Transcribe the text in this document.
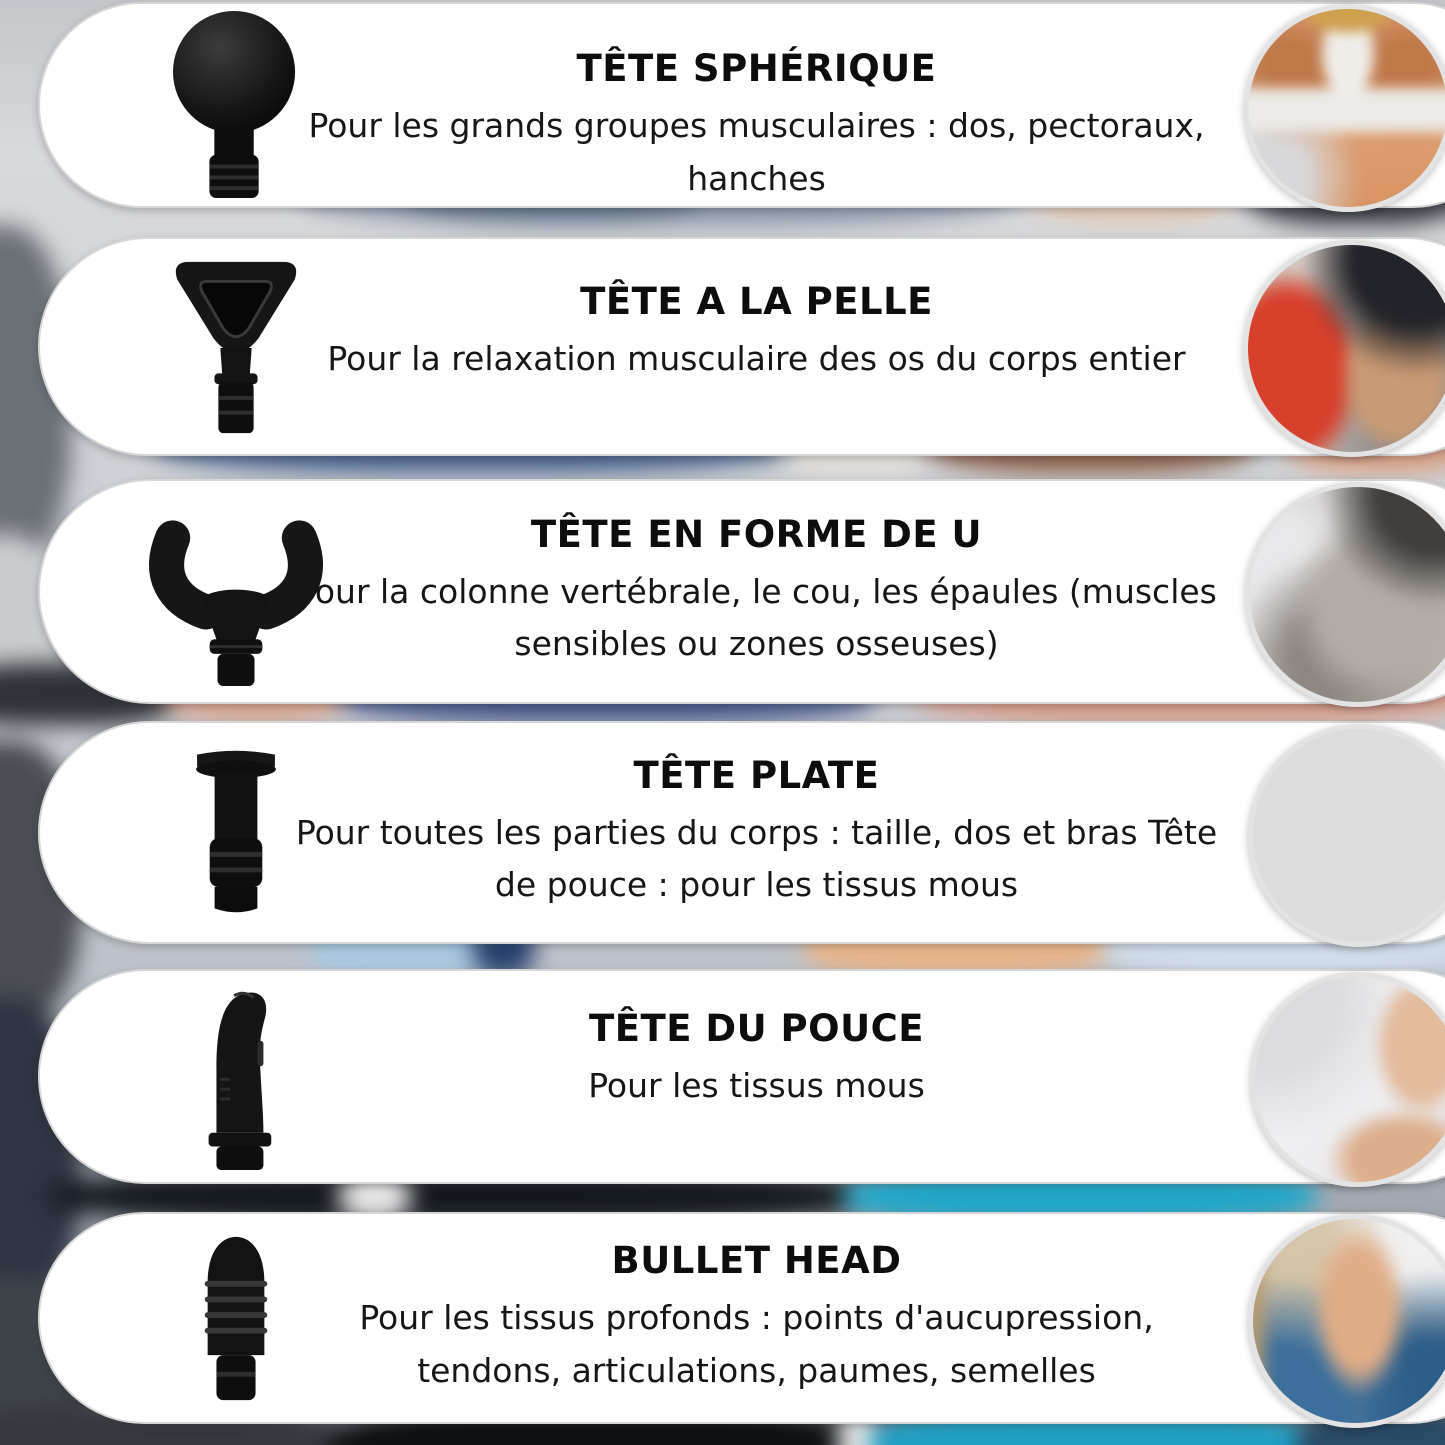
TÊTE SPHÉRIQUE

Pour les grands groupes musculaires : dos, pectoraux, hanches

TÊTE A LA PELLE

Pour la relaxation musculaire des os du corps entier

TÊTE EN FORME DE U

Pour la colonne vertébrale, le cou, les épaules (muscles sensibles ou zones osseuses)

TÊTE PLATE

Pour toutes les parties du corps : taille, dos et bras Tête de pouce : pour les tissus mous

TÊTE DU POUCE

Pour les tissus mous

BULLET HEAD

Pour les tissus profonds : points d'aucupression, tendons, articulations, paumes, semelles
